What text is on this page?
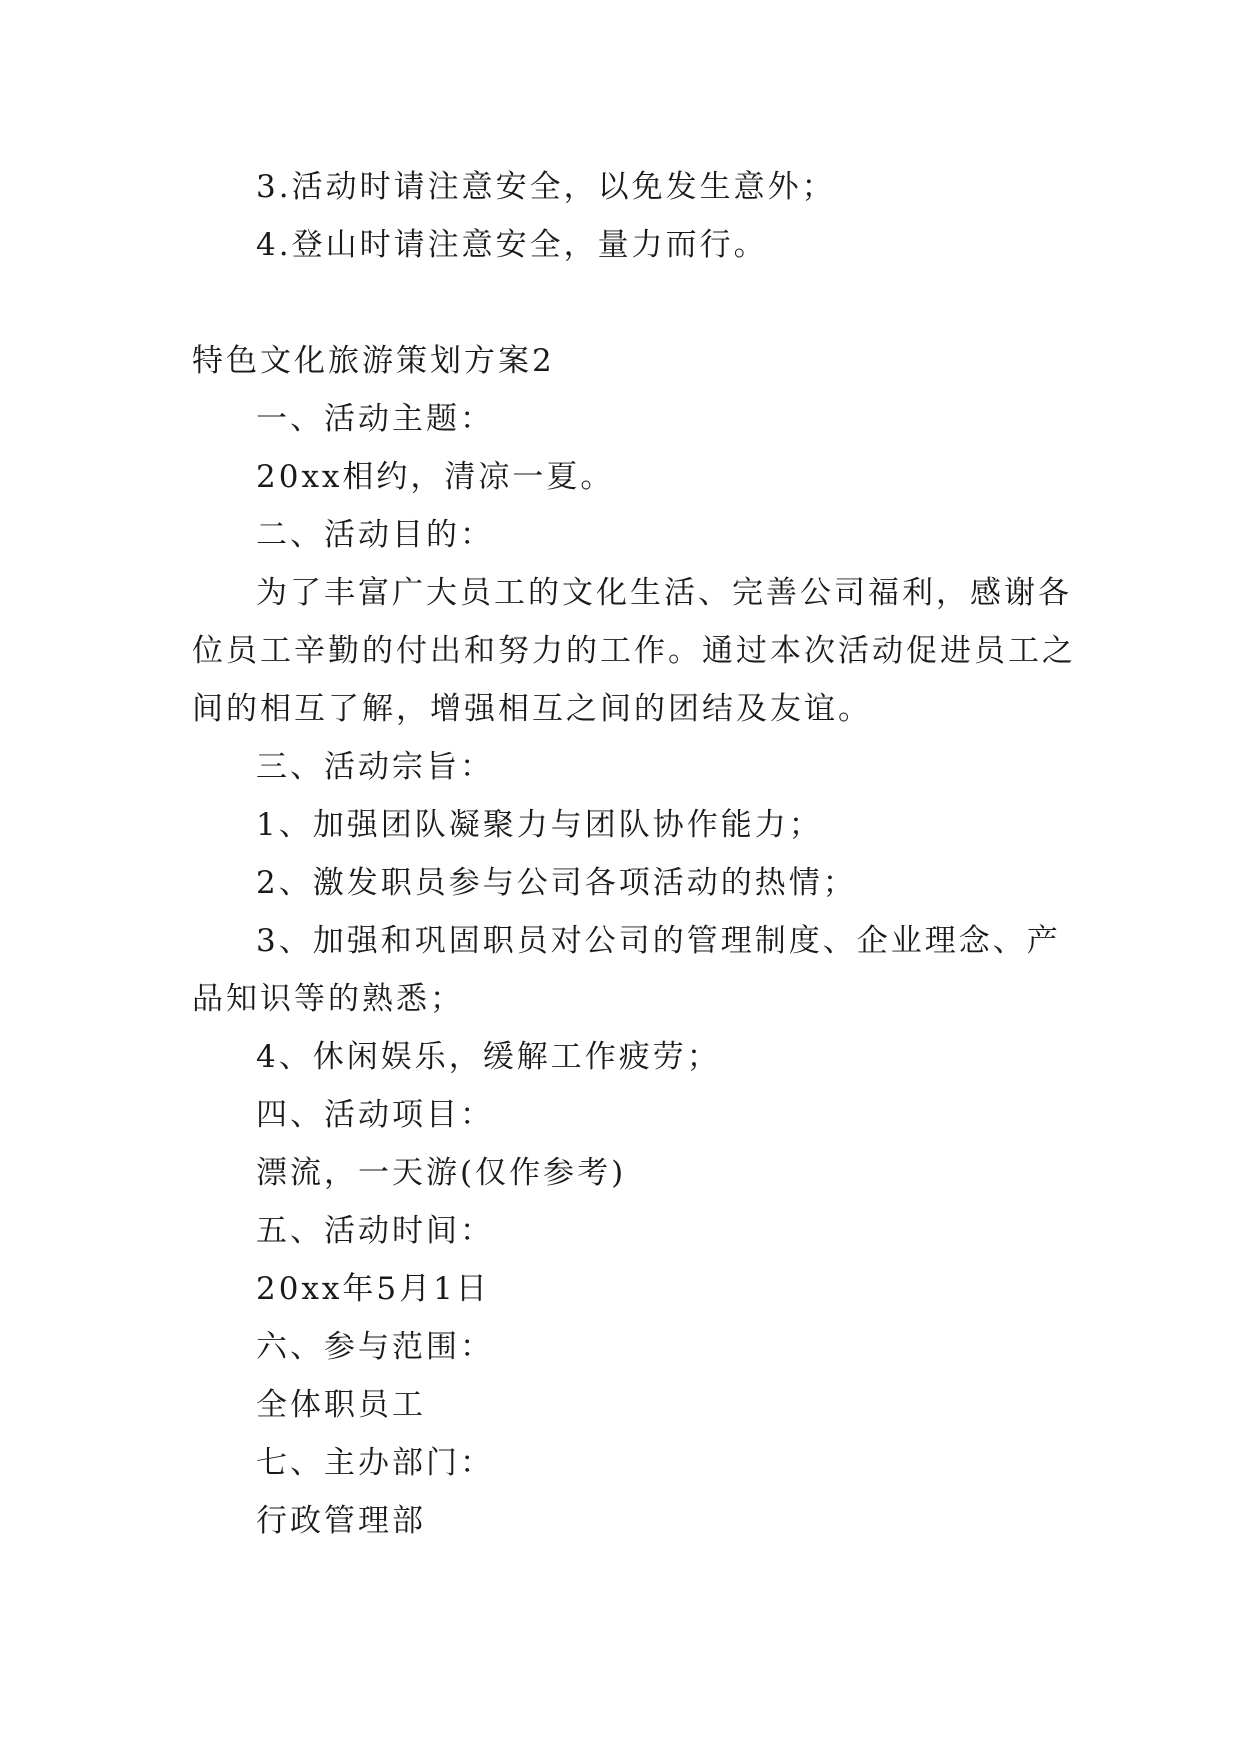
3.活动时请注意安全，以免发生意外；

4.登山时请注意安全，量力而行。

特色文化旅游策划方案2

一、活动主题：

20xx相约，清凉一夏。

二、活动目的：

为了丰富广大员工的文化生活、完善公司福利，感谢各

位员工辛勤的付出和努力的工作。通过本次活动促进员工之

间的相互了解，增强相互之间的团结及友谊。

三、活动宗旨：

1、加强团队凝聚力与团队协作能力；

2、激发职员参与公司各项活动的热情；

3、加强和巩固职员对公司的管理制度、企业理念、产

品知识等的熟悉；

4、休闲娱乐，缓解工作疲劳；

四、活动项目：

漂流，一天游(仅作参考)

五、活动时间：

20xx年5月1日

六、参与范围：

全体职员工

七、主办部门：

行政管理部
